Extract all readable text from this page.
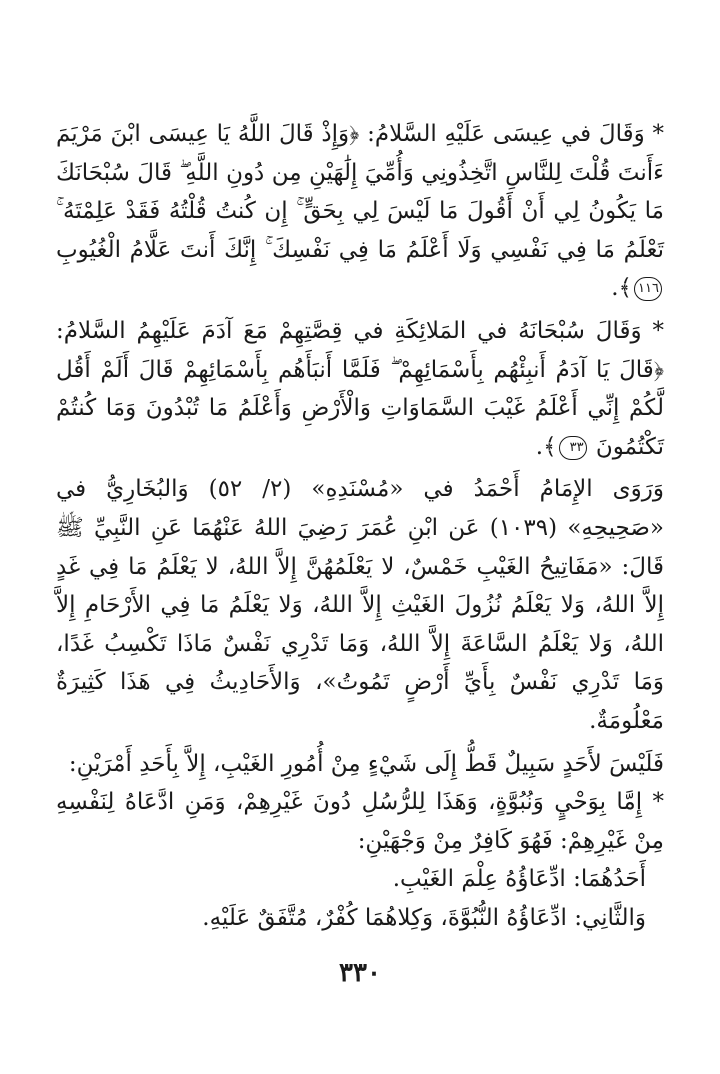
* وَقَالَ في عِيسَى عَلَيْهِ السَّلامُ: ﴿وَإِذْ قَالَ اللَّهُ يَا عِيسَى ابْنَ مَرْيَمَ ءَأَنتَ قُلْتَ لِلنَّاسِ اتَّخِذُونِي وَأُمِّيَ إِلَٰهَيْنِ مِن دُونِ اللَّهِ ۖ قَالَ سُبْحَانَكَ مَا يَكُونُ لِي أَنْ أَقُولَ مَا لَيْسَ لِي بِحَقٍّ ۚ إِن كُنتُ قُلْتُهُ فَقَدْ عَلِمْتَهُ ۚ تَعْلَمُ مَا فِي نَفْسِي وَلَا أَعْلَمُ مَا فِي نَفْسِكَ ۚ إِنَّكَ أَنتَ عَلَّامُ الْغُيُوبِ ١١٦﴾.

* وَقَالَ سُبْحَانَهُ في المَلائِكَةِ في قِصَّتِهِمْ مَعَ آدَمَ عَلَيْهِمُ السَّلامُ: ﴿قَالَ يَا آدَمُ أَنبِئْهُم بِأَسْمَائِهِمْ ۖ فَلَمَّا أَنبَأَهُم بِأَسْمَائِهِمْ قَالَ أَلَمْ أَقُل لَّكُمْ إِنِّي أَعْلَمُ غَيْبَ السَّمَاوَاتِ وَالْأَرْضِ وَأَعْلَمُ مَا تُبْدُونَ وَمَا كُنتُمْ تَكْتُمُونَ ٣٣﴾.

وَرَوَى الإِمَامُ أَحْمَدُ في «مُسْنَدِهِ» (٢/ ٥٢) وَالبُخَارِيُّ في «صَحِيحِهِ» (١٠٣٩) عَن ابْنِ عُمَرَ رَضِيَ اللهُ عَنْهُمَا عَنِ النَّبِيِّ ﷺ قَالَ: «مَفَاتِيحُ الغَيْبِ خَمْسٌ، لا يَعْلَمُهُنَّ إِلاَّ اللهُ، لا يَعْلَمُ مَا فِي غَدٍ إِلاَّ اللهُ، وَلا يَعْلَمُ نُزُولَ الغَيْثِ إِلاَّ اللهُ، وَلا يَعْلَمُ مَا فِي الأَرْحَامِ إِلاَّ اللهُ، وَلا يَعْلَمُ السَّاعَةَ إِلاَّ اللهُ، وَمَا تَدْرِي نَفْسٌ مَاذَا تَكْسِبُ غَدًا، وَمَا تَدْرِي نَفْسٌ بِأَيِّ أَرْضٍ تَمُوتُ»، وَالأَحَادِيثُ فِي هَذَا كَثِيرَةٌ مَعْلُومَةٌ.

فَلَيْسَ لأَحَدٍ سَبِيلٌ قَطُّ إِلَى شَيْءٍ مِنْ أُمُورِ الغَيْبِ، إِلاَّ بِأَحَدِ أَمْرَيْنِ:

* إِمَّا بِوَحْيٍ وَنُبُوَّةٍ، وَهَذَا لِلرُّسُلِ دُونَ غَيْرِهِمْ، وَمَنِ ادَّعَاهُ لِنَفْسِهِ مِنْ غَيْرِهِمْ: فَهُوَ كَافِرٌ مِنْ وَجْهَيْنِ:

أَحَدُهُمَا: ادِّعَاؤُهُ عِلْمَ الغَيْبِ.

وَالثَّانِي: ادِّعَاؤُهُ النُّبُوَّةَ، وَكِلاهُمَا كُفْرٌ، مُتَّفَقٌ عَلَيْهِ.

٣٣٠
